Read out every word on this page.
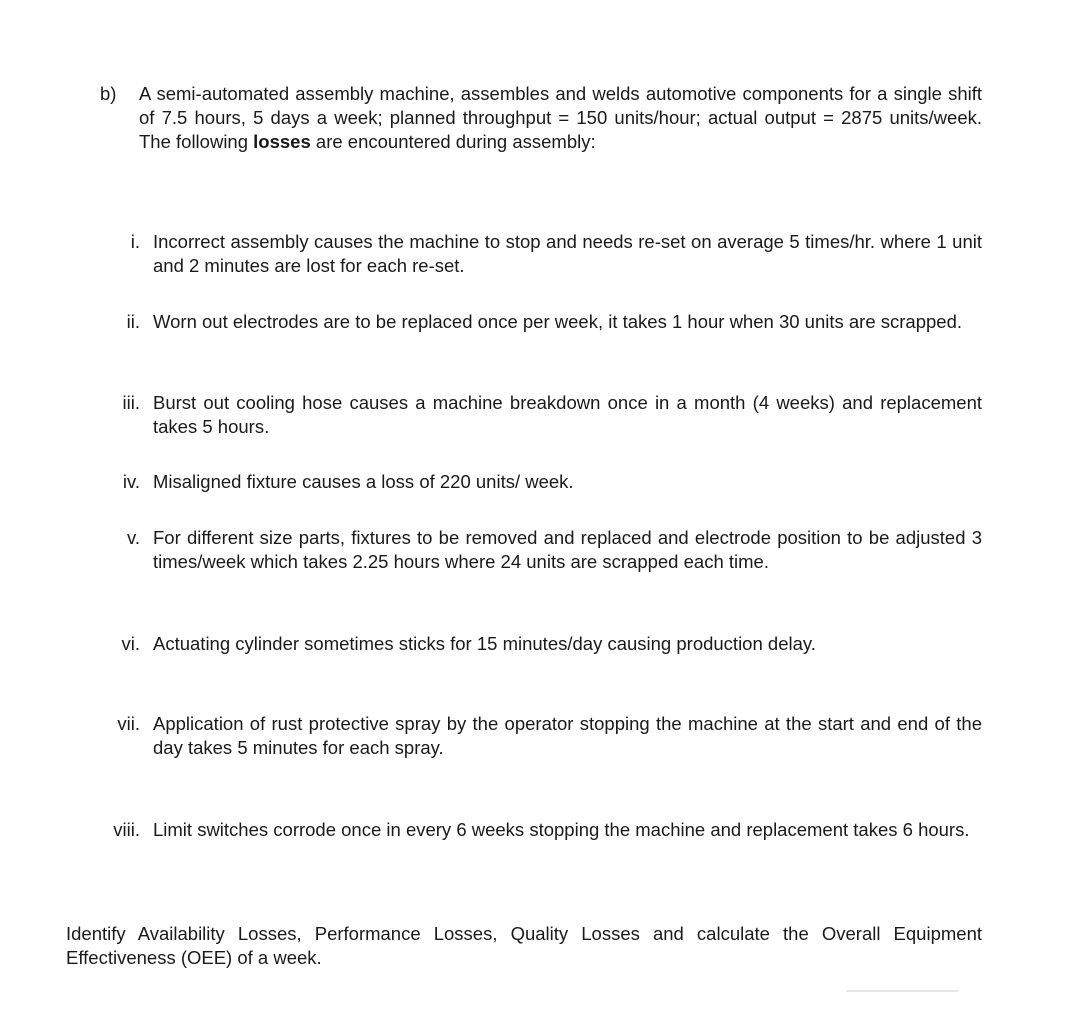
b)	A semi-automated assembly machine, assembles and welds automotive components for a single shift of 7.5 hours, 5 days a week; planned throughput = 150 units/hour; actual output = 2875 units/week. The following losses are encountered during assembly:
i. Incorrect assembly causes the machine to stop and needs re-set on average 5 times/hr. where 1 unit and 2 minutes are lost for each re-set.
ii. Worn out electrodes are to be replaced once per week, it takes 1 hour when 30 units are scrapped.
iii. Burst out cooling hose causes a machine breakdown once in a month (4 weeks) and replacement takes 5 hours.
iv. Misaligned fixture causes a loss of 220 units/ week.
v. For different size parts, fixtures to be removed and replaced and electrode position to be adjusted 3 times/week which takes 2.25 hours where 24 units are scrapped each time.
vi. Actuating cylinder sometimes sticks for 15 minutes/day causing production delay.
vii. Application of rust protective spray by the operator stopping the machine at the start and end of the day takes 5 minutes for each spray.
viii. Limit switches corrode once in every 6 weeks stopping the machine and replacement takes 6 hours.
Identify Availability Losses, Performance Losses, Quality Losses and calculate the Overall Equipment Effectiveness (OEE) of a week.
